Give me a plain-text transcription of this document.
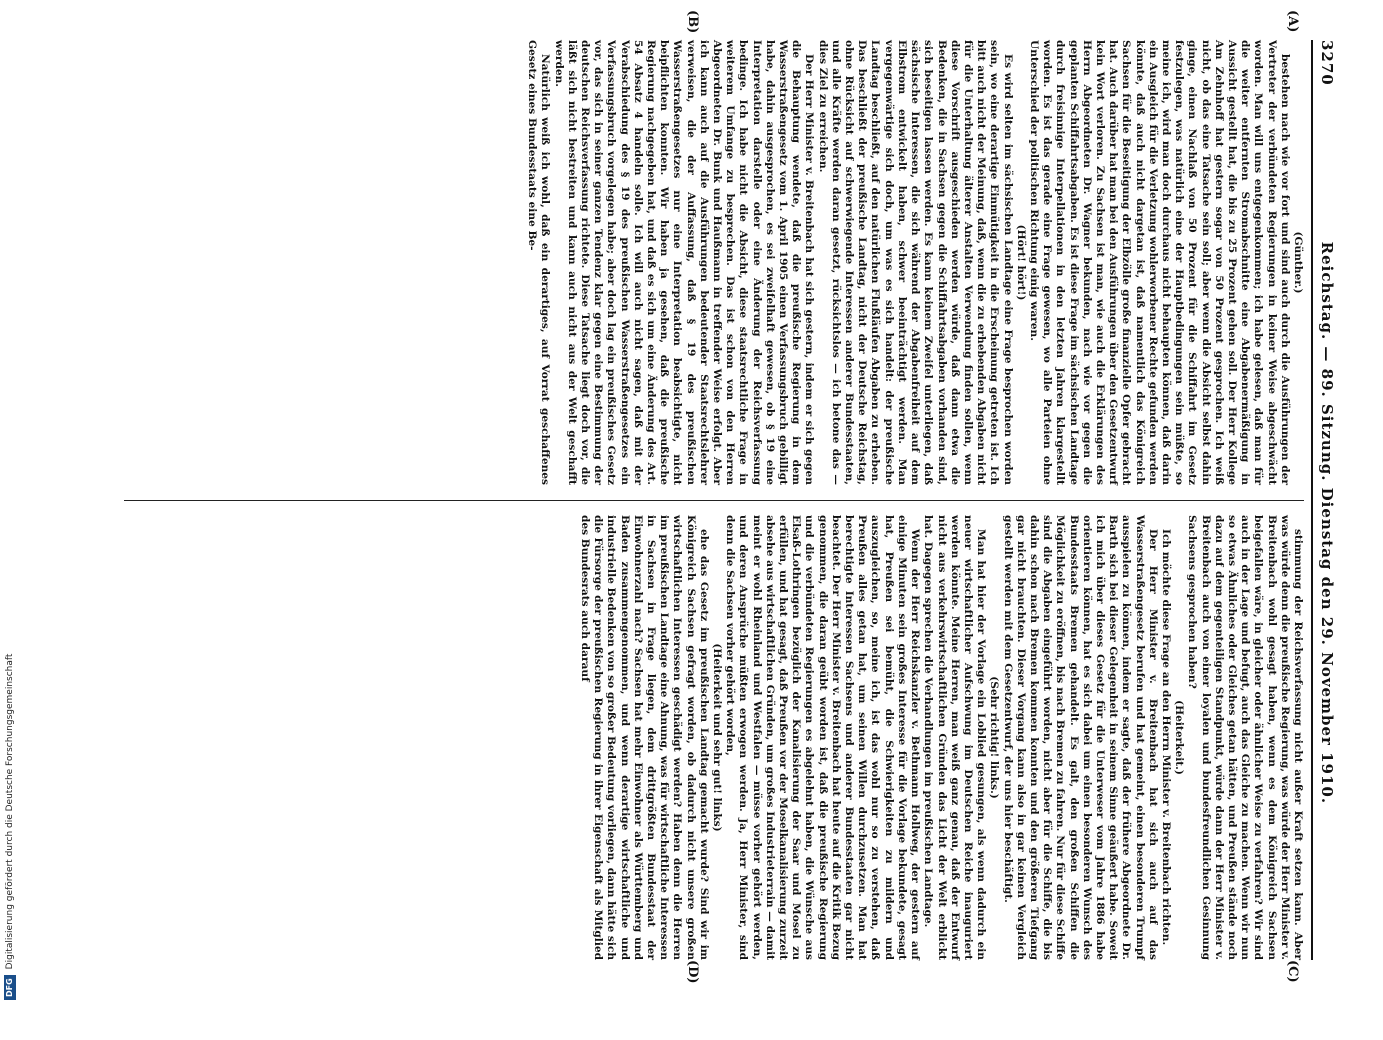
3270
Reichstag. — 89. Sitzung. Dienstag den 29. November 1910.

(Günther.)

bestehen nach wie vor fort und sind auch durch die Ausführungen der Vertreter der verbündeten Regierungen in keiner Weise abgeschwächt worden. Man will uns entgegenkommen; ich habe gelesen, daß man für die weiter entfernten Stromabschnitte eine Abgabenermäßigung in Aussicht gestellt hat, die bis zu 25 Prozent gehen soll. Der Herr Kollege Am Zehnhoff hat gestern sogar von 50 Prozent gesprochen. Ich weiß nicht, ob das eine Tatsache sein soll; aber wenn die Absicht selbst dahin ginge, einen Nachlaß von 50 Prozent für die Schiffahrt im Gesetz festzulegen, was natürlich eine der Hauptbedingungen sein müßte, so meine ich, wird man doch durchaus nicht behaupten können, daß darin ein Ausgleich für die Verletzung wohlerworbener Rechte gefunden werden könnte, daß auch nicht dargetan ist, daß namentlich das Königreich Sachsen für die Beseitigung der Elbzölle große finanzielle Opfer gebracht hat. Auch darüber hat man bei den Ausführungen über den Gesetzentwurf kein Wort verloren. Zu Sachsen ist man, wie auch die Erklärungen des Herrn Abgeordneten Dr. Wagner bekunden, nach wie vor gegen die geplanten Schiffahrtsabgaben. Es ist diese Frage im sächsischen Landtage durch freisinnige Interpellationen in den letzten Jahren klargestellt worden. Es ist das gerade eine Frage gewesen, wo alle Parteien ohne Unterschied der politischen Richtung einig waren.

(Hört! hört!)

Es wird selten im sächsischen Landtage eine Frage besprochen worden sein, wo eine derartige Einmütigkeit in die Erscheinung getreten ist. Ich bitt auch nicht der Meinung, daß, wenn die zu erhebenden Abgaben nicht für die Unterhaltung älterer Anstalten Verwendung finden sollen, wenn diese Vorschrift ausgeschieden werden würde, daß dann etwa die Bedenken, die in Sachsen gegen die Schiffahrtsabgaben vorhanden sind, sich beseitigen lassen werden. Es kann keinem Zweifel unterliegen, daß sächsische Interessen, die sich während der Abgabenfreiheit auf dem Elbstrom entwickelt haben, schwer beeinträchtigt werden. Man vergegenwärtige sich doch, um was es sich handelt: der preußische Landtag beschließt, auf den natürlichen Flußläufen Abgaben zu erheben. Das beschließt der preußische Landtag, nicht der Deutsche Reichstag, ohne Rücksicht auf schwerwiegende Interessen anderer Bundesstaaten, und alle Kräfte werden daran gesetzt, rücksichtslos — ich betone das — dies Ziel zu erreichen.

Der Herr Minister v. Breitenbach hat sich gestern, indem er sich gegen die Behauptung wendete, daß die preußische Regierung in dem Wasserstraßengesetz vom 1. April 1905 einen Verfassungsbruch gebilligt habe, dahin ausgesprochen, es sei zweifelhaft gewesen, ob § 19 eine Interpretation darstelle oder eine Änderung der Reichsverfassung bedinge. Ich habe nicht die Absicht, diese staatsrechtliche Frage in weiterem Umfange zu besprechen. Das ist schon von den Herren Abgeordneten Dr. Bunk und Haußmann in treffender Weise erfolgt. Aber ich kann auch auf die Ausführungen bedeutender Staatsrechtslehrer verweisen, die der Auffassung, daß § 19 des preußischen Wasserstraßengesetzes nur eine Interpretation beabsichtigte, nicht beipflichten konnten. Wir haben ja gesehen, daß die preußische Regierung nachgegeben hat, und daß es sich um eine Änderung des Art. 54 Absatz 4 handeln solle. Ich will auch nicht sagen, daß mit der Verabschiedung des § 19 des preußischen Wasserstraßengesetzes ein Verfassungsbruch vorgelegen habe; aber doch lag ein preußisches Gesetz vor, das sich in seiner ganzen Tendenz klar gegen eine Bestimmung der deutschen Reichsverfassung richtete. Diese Tatsache liegt doch vor, die läßt sich nicht bestreiten und kann auch nicht aus der Welt geschafft werden.

Natürlich weiß ich wohl, daß ein derartiges, auf Vorrat geschaffenes Gesetz eines Bundesstaats eine Be-

stimmung der Reichsverfassung nicht außer Kraft setzen kann. Aber was würde denn die preußische Regierung, was würde der Herr Minister v. Breitenbach wohl gesagt haben, wenn es dem Königreich Sachsen beigefallen wäre, in gleicher oder ähnlicher Weise zu verfahren? Wir sind auch in der Lage und befugt, auch das Gleiche zu machen. Wenn wir nun so etwas Ähnliches oder Gleiches getan hätten, und Preußen stände noch dazu auf dem gegenteiligen Standpunkt, würde dann der Herr Minister v. Breitenbach auch von einer loyalen und bundesfreundlichen Gesinnung Sachsens gesprochen haben?

(Heiterkeit.)

Ich möchte diese Frage an den Herrn Minister v. Breitenbach richten.

Der Herr Minister v. Breitenbach hat sich auch auf das Wasserstraßengesetz berufen und hat gemeint, einen besonderen Trumpf ausspielen zu können, indem er sagte, daß der frühere Abgeordnete Dr. Barth sich bei dieser Gelegenheit in seinem Sinne geäußert habe. Soweit ich mich über dieses Gesetz für die Unterweser vom Jahre 1886 habe orientieren können, hat es sich dabei um einen besonderen Wunsch des Bundesstaats Bremen gehandelt. Es galt, den großen Schiffen die Möglichkeit zu eröffnen, bis nach Bremen zu fahren. Nur für diese Schiffe sind die Abgaben eingeführt worden, nicht aber für die Schiffe, die bis dahin schon nach Bremen kommen konnten und den größeren Tiefgang gar nicht brauchten. Dieser Vorgang kann also in gar keinen Vergleich gestellt werden mit dem Gesetzentwurf, der uns hier beschäftigt.

(Sehr richtig! links.)

Man hat hier der Vorlage ein Loblied gesungen, als wenn dadurch ein neuer wirtschaftlicher Aufschwung im Deutschen Reiche inauguriert werden könnte. Meine Herren, man weiß ganz genau, daß der Entwurf nicht aus verkehrswirtschaftlichen Gründen das Licht der Welt erblickt hat. Dagegen sprechen die Verhandlungen im preußischen Landtage.

Wenn der Herr Reichskanzler v. Bethmann Hollweg, der gestern auf einige Minuten sein großes Interesse für die Vorlage bekundete, gesagt hat, Preußen sei bemüht, die Schwierigkeiten zu mildern und auszugleichen, so, meine ich, ist das wohl nur so zu verstehen, daß Preußen alles getan hat, um seinen Willen durchzusetzen. Man hat berechtigte Interessen Sachsens und anderer Bundesstaaten gar nicht beachtet. Der Herr Minister v. Breitenbach hat heute auf die Kritik Bezug genommen, die daran geübt worden ist, daß die preußische Regierung und die verbündeten Regierungen es abgelehnt haben, die Wünsche aus Elsaß-Lothringen bezüglich der Kanalisierung der Saar und Mosel zu erfüllen, und hat gesagt, daß Preußen vor der Moselkanalisierung zurzeit absehe aus wirtschaftlichen Gründen, um großes Industrieterrain — damit meint er wohl Rheinland und Westfalen — müsse vorher gehört werden, und deren Ansprüche müßten erwogen werden. Ja, Herr Minister, sind denn die Sachsen vorher gehört worden,

(Heiterkeit und sehr gut! links)

ehe das Gesetz im preußischen Landtag gemacht wurde? Sind wir im Königreich Sachsen gefragt worden, ob dadurch nicht unsere großen wirtschaftlichen Interessen geschädigt werden? Haben denn die Herren im preußischen Landtage eine Ahnung, was für wirtschaftliche Interessen in Sachsen in Frage liegen, dem drittgrößten Bundesstaat der Einwohnerzahl nach? Sachsen hat mehr Einwohner als Württemberg und Baden zusammengenommen, und wenn derartige wirtschaftliche und industrielle Bedenken von so großer Bedeutung vorliegen, dann hätte sich die Fürsorge der preußischen Regierung in ihrer Eigenschaft als Mitglied des Bundesrats auch darauf

(A)
(B)
(C)
(D)
DFG
Digitalisierung gefördert durch die Deutsche Forschungsgemeinschaft
